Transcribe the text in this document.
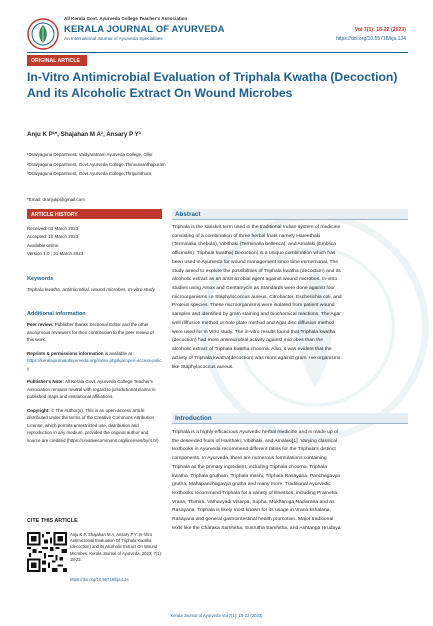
All Kerala Govt. Ayurveda College Teacher's Association
KERALA JOURNAL OF AYURVEDA
An International Journal of Ayurveda Specialities
Vol 7(1): 18-22 (2023)
https://doi.org/10.55718/kja.134
ORIGINAL ARTICLE
In-Vitro Antimicrobial Evaluation of Triphala Kwatha (Decoction)
And its Alcoholic Extract On Wound Microbes
Anju K P¹*, Shajahan M A², Ansary P Y³
¹Dravyaguna Department, Vaidyaratnam Ayurveda College, Ollur
²Dravyaguna Department, Govt.Ayurveda College,Thiruvananthapuram
³Dravyaguna Department, Govt.Ayurveda College,Thripunithura
*Email: dranjukp@gmail.com
ARTICLE HISTORY
Received: 03 March 2023
Accepted: 10 March 2023
Available online
Version 1.0 : 31 March 2023
Keywords
Triphala kwatha, antimicrobial, wound microbes, In-vitro study
Additional information
Peer review: Publisher thanks Sectional Editor and the other anonymous reviewers for their contribution to the peer review of this work.
Reprints & permissions information is available at :
https://keralajournalofayurveda.org/index.php/kja/open-access-policy
Publisher's Note: All Kerala Govt. Ayurveda College Teacher's Association remains neutral with regard to jurisdictional claims in published maps and institutional affiliations.
Copyright: © The Author(s). This is an open-access article distributed under the terms of the Creative Commons Attribution License, which permits unrestricted use, distribution and reproduction in any medium, provided the original author and source are credited (https://creativecommons.org/licenses/by/4.0/)
CITE THIS ARTICLE
Anju K P, Shajahan M A, Ansary P Y. In-Vitro Antimicrobial Evaluation Of Triphala Kwatha (decoction) and its Alcoholic Extract On Wound Microbes. Kerala Journal of Ayurveda. 2023; 7(1): 18-22.
https://doi.org/10.55718/kja.134
Abstract
Triphala is the sanskrit term used in the traditional Indian system of medicine
consisting of a combination of three herbal fruits namely Hareethaki
(Terminalia chebula), Vibithaki (Terminalia bellerica), and Amalaki (Emblica
officinalis). Triphala kwatha( Decoction) is a unique combination which has
been used in Ayurveda for wound management since time immemorial. The
study aimed to explore the possibilities of Triphala kwatha (decoction) and its
alcoholic extract as an antimicrobial agent against wound microbes. In-vitro
studies using Amox and Gentamycin as Standards were done against four
microorganisms i.e Staphylococcus aureus, Citrobacter, Escherichia coli, and
Proteus species. These microorganisms were isolated from patient wound
samples and identified by gram staining and biochemical reactions. The Agar
well diffusion method or hole plate method and Agar disc diffusion method
were used for In Vitro study. The in-vitro results found that Triphala kwatha
(decoction) had more antimicrobial activity against microbes than the
alcoholic extract of Triphala kwatha choorna. Also, it was evident that the
activity of Triphala kwatha(decoction) was more against gram +ve organisms
like Staphylococcus aureus.
Introduction
Triphala is a highly efficacious Ayurvedic herbal medicine and is made up of
the deseeded fruits of Harithaki, Vibithaki, and Amalaki[1]. Varying classical
textbooks in Ayurveda recommend different ratios for the Triphala's distinct
components. In Ayurveda, there are numerous formulations containing
Triphala as the primary ingredient, including Triphala choorna, Triphala
kwatha, Triphala grutham, Triphala mashi, Triphala Rasayana, Panchagavya
grutha, Mahapanchagavya grutha and many more. Traditional Ayurvedic
textbooks recommend Triphala for a variety of illnesses, including Prameha,
Vrana, Thimira, Vathavyadi,Visarpa, Sopha, Mukharoga,Nadivrana and as
Rasayana. Triphala is likely most known for its usage in Vrana kshalana,
Rasayana and general gastrointestinal health promotion. Major traditional
texts like the Charaka Samhitha, Susrutha Samhitha, and Ashtanga Hrudaya
Kerala Journal of Ayurveda Vol 7(1): 18-22 (2023)
